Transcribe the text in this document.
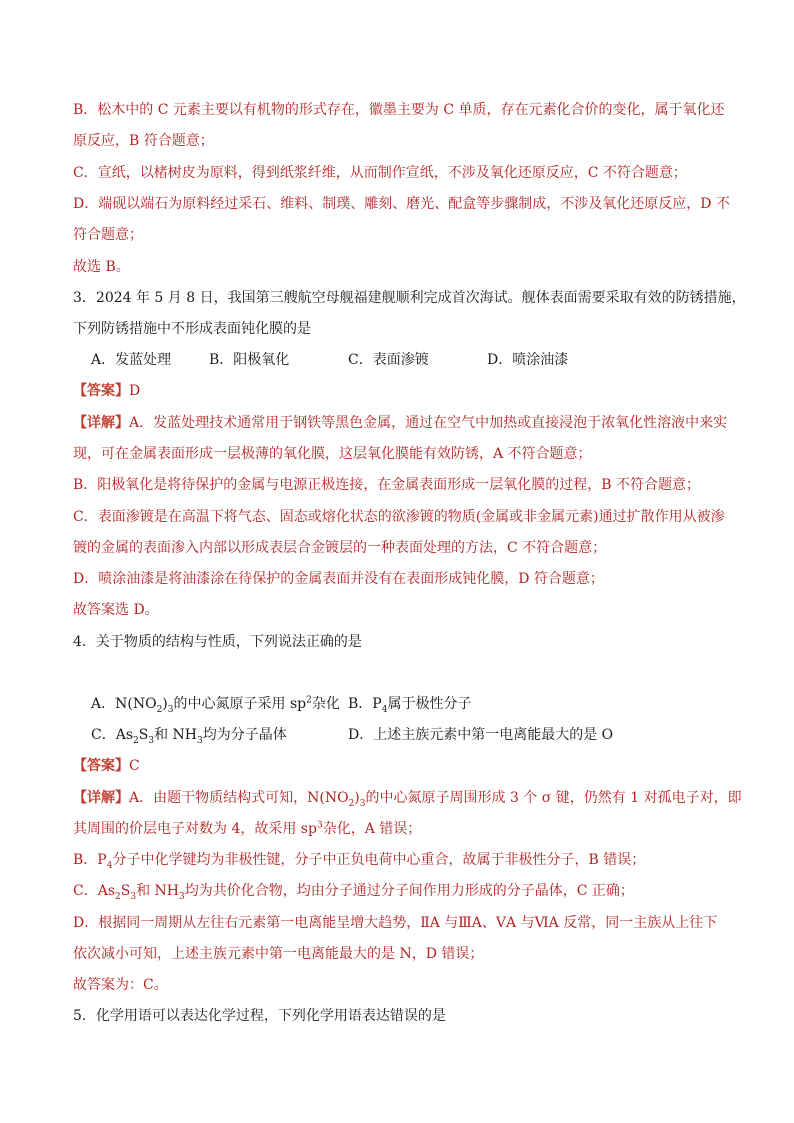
B．松木中的 C 元素主要以有机物的形式存在，徽墨主要为 C 单质，存在元素化合价的变化，属于氧化还
原反应，B 符合题意；
C．宣纸，以楮树皮为原料，得到纸浆纤维，从而制作宣纸，不涉及氧化还原反应，C 不符合题意；
D．端砚以端石为原料经过采石、维料、制璞、雕刻、磨光、配盒等步骤制成，不涉及氧化还原反应，D 不
符合题意；
故选 B。
3．2024 年 5 月 8 日，我国第三艘航空母舰福建舰顺利完成首次海试。舰体表面需要采取有效的防锈措施，
下列防锈措施中不形成表面钝化膜的是
A．发蓝处理	B．阳极氧化	C．表面渗镀	D．喷涂油漆
【答案】D
【详解】A．发蓝处理技术通常用于钢铁等黑色金属，通过在空气中加热或直接浸泡于浓氧化性溶液中来实
现，可在金属表面形成一层极薄的氧化膜，这层氧化膜能有效防锈，A 不符合题意；
B．阳极氧化是将待保护的金属与电源正极连接，在金属表面形成一层氧化膜的过程，B 不符合题意；
C．表面渗镀是在高温下将气态、固态或熔化状态的欲渗镀的物质(金属或非金属元素)通过扩散作用从被渗
镀的金属的表面渗入内部以形成表层合金镀层的一种表面处理的方法，C 不符合题意；
D．喷涂油漆是将油漆涂在待保护的金属表面并没有在表面形成钝化膜，D 符合题意；
故答案选 D。
4．关于物质的结构与性质，下列说法正确的是
A．$N(NO_2)_3$的中心氮原子采用 $sp^2$杂化 B．$P_4$属于极性分子
C．$As_2S_3$和 $NH_3$均为分子晶体	D．上述主族元素中第一电离能最大的是 O
【答案】C
【详解】A．由题干物质结构式可知，$N(NO_2)_3$的中心氮原子周围形成 3 个 σ 键，仍然有 1 对孤电子对，即
其周围的价层电子对数为 4，故采用 $sp^3$杂化，A 错误；
B．$P_4$分子中化学键均为非极性键，分子中正负电荷中心重合，故属于非极性分子，B 错误；
C．$As_2S_3$和 $NH_3$均为共价化合物，均由分子通过分子间作用力形成的分子晶体，C 正确；
D．根据同一周期从左往右元素第一电离能呈增大趋势，ⅡA 与ⅢA、ⅤA 与ⅥA 反常，同一主族从上往下
依次减小可知，上述主族元素中第一电离能最大的是 N，D 错误；
故答案为：C。
5．化学用语可以表达化学过程，下列化学用语表达错误的是
